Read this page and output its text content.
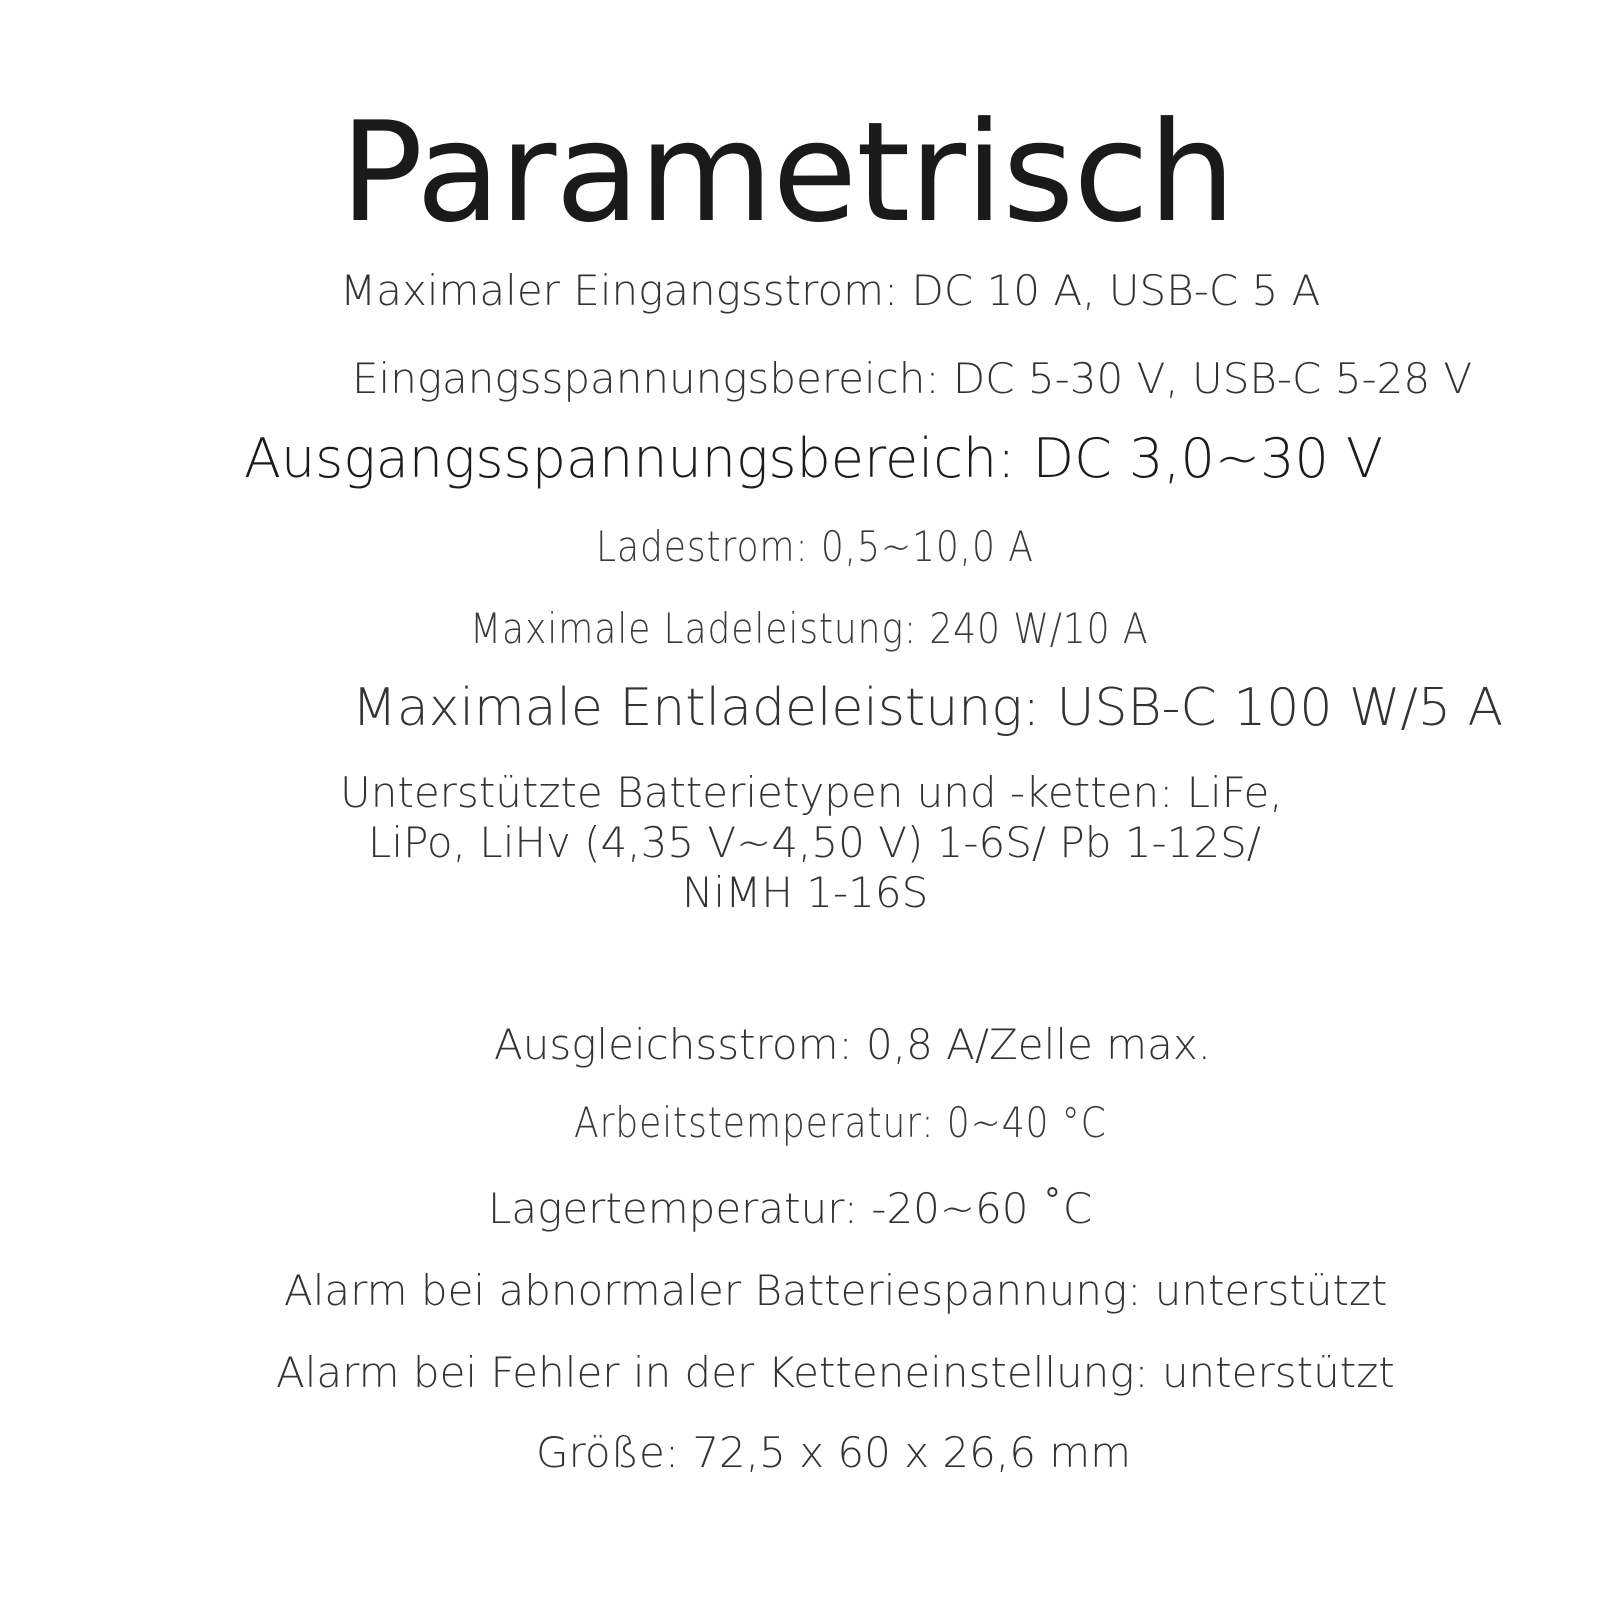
Parametrisch
Maximaler Eingangsstrom: DC 10 A, USB-C 5 A
Eingangsspannungsbereich: DC 5-30 V, USB-C 5-28 V
Ausgangsspannungsbereich: DC 3,0~30 V
Ladestrom: 0,5~10,0 A
Maximale Ladeleistung: 240 W/10 A
Maximale Entladeleistung: USB-C 100 W/5 A
Unterstützte Batterietypen und -ketten: LiFe,
LiPo, LiHv (4,35 V~4,50 V) 1-6S/ Pb 1-12S/
NiMH 1-16S
Ausgleichsstrom: 0,8 A/Zelle max.
Arbeitstemperatur: 0~40 °C
Lagertemperatur: -20~60 ˚C
Alarm bei abnormaler Batteriespannung: unterstützt
Alarm bei Fehler in der Ketteneinstellung: unterstützt
Größe: 72,5 x 60 x 26,6 mm
